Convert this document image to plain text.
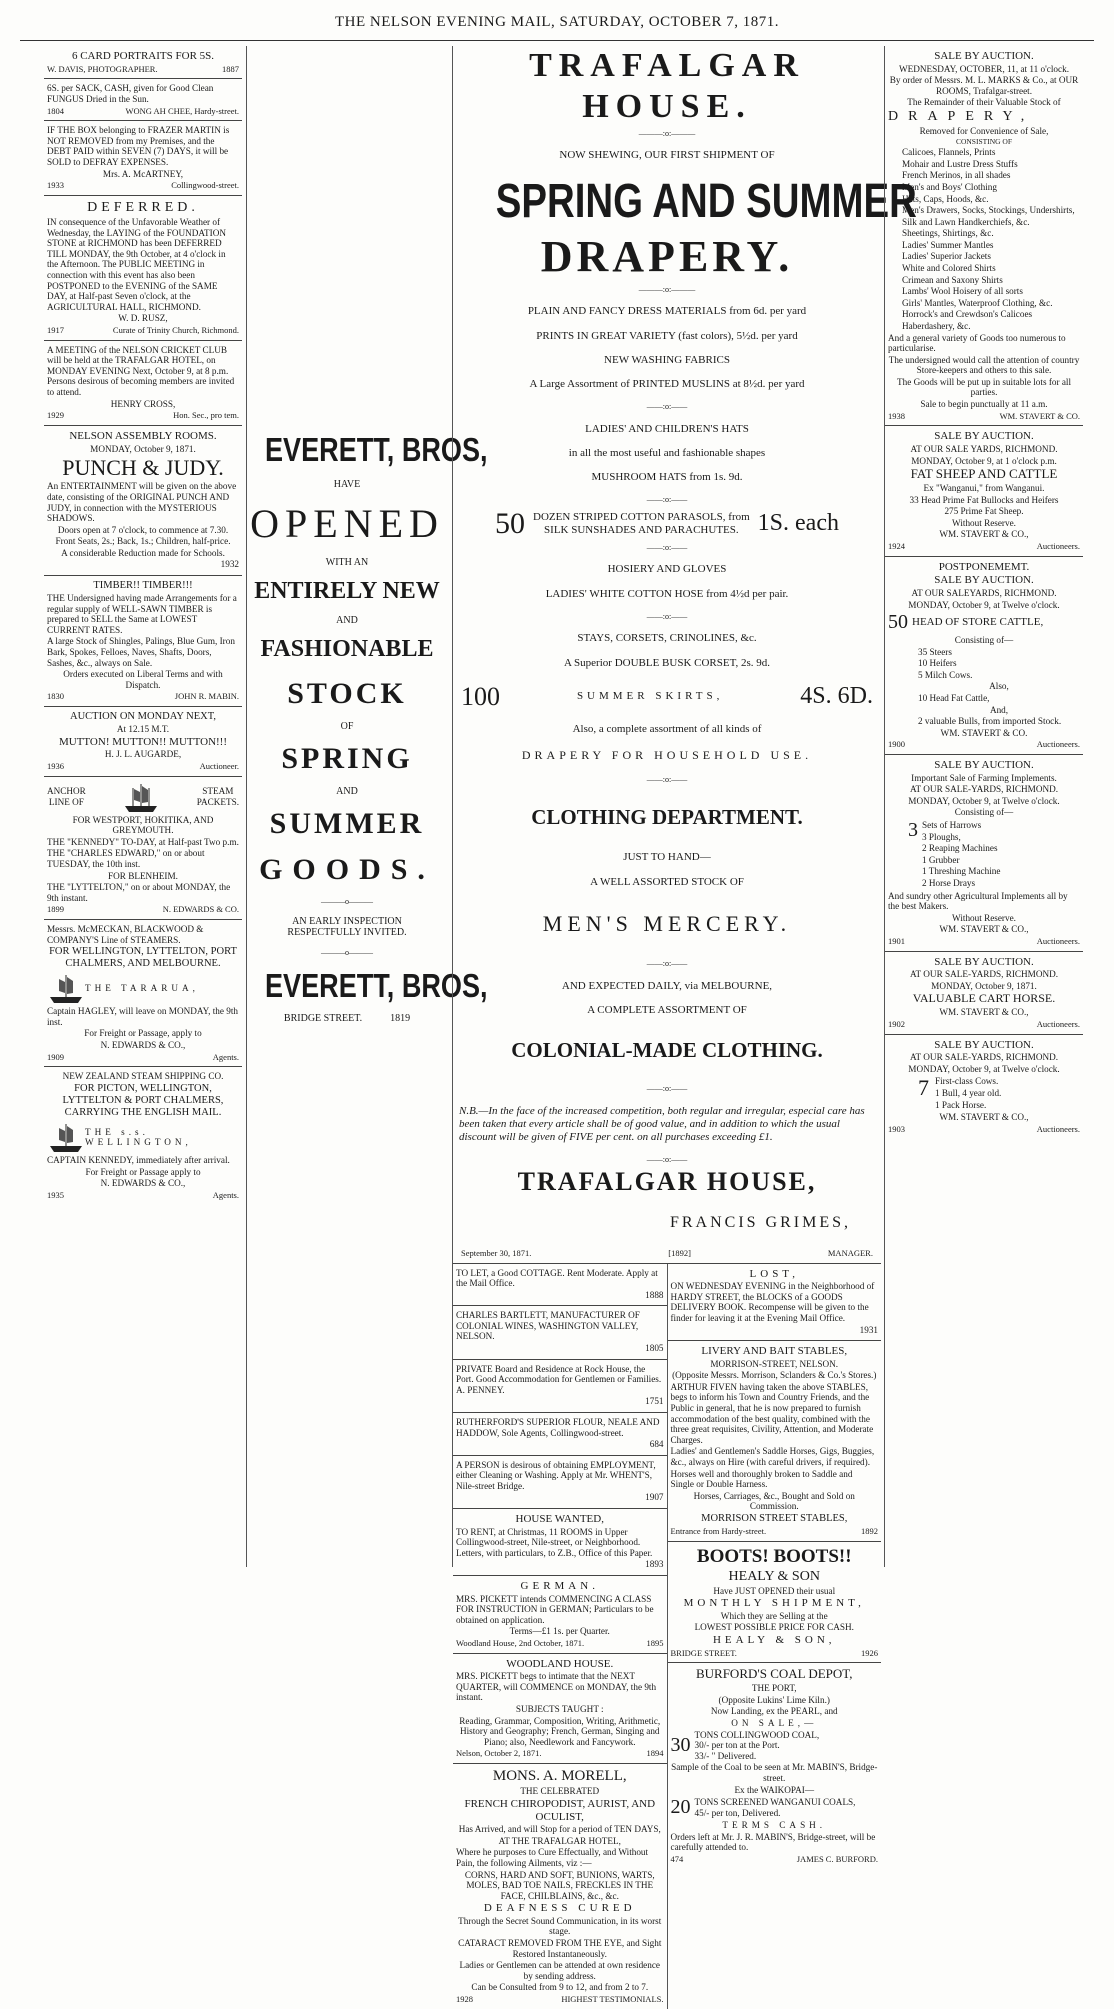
THE NELSON EVENING MAIL, SATURDAY, OCTOBER 7, 1871.

6 CARD PORTRAITS FOR 5S.

W. DAVIS, PHOTOGRAPHER.	1887

6S. per SACK, CASH, given for Good Clean FUNGUS Dried in the Sun.

1804	WONG AH CHEE, Hardy-street.

IF THE BOX belonging to FRAZER MARTIN is NOT REMOVED from my Premises, and the DEBT PAID within SEVEN (7) DAYS, it will be SOLD to DEFRAY EXPENSES.

Mrs. A. McARTNEY,

1933	Collingwood-street.

DEFERRED.

IN consequence of the Unfavorable Weather of Wednesday, the LAYING of the FOUNDATION STONE at RICHMOND has been DEFERRED TILL MONDAY, the 9th October, at 4 o'clock in the Afternoon. The PUBLIC MEETING in connection with this event has also been POSTPONED to the EVENING of the SAME DAY, at Half-past Seven o'clock, at the AGRICULTURAL HALL, RICHMOND.

W. D. RUSZ,

1917	Curate of Trinity Church, Richmond.

A MEETING of the NELSON CRICKET CLUB will be held at the TRAFALGAR HOTEL, on MONDAY EVENING Next, October 9, at 8 p.m. Persons desirous of becoming members are invited to attend.

HENRY CROSS,

1929	Hon. Sec., pro tem.

NELSON ASSEMBLY ROOMS.

MONDAY, October 9, 1871.

PUNCH & JUDY.

An ENTERTAINMENT will be given on the above date, consisting of the ORIGINAL PUNCH AND JUDY, in connection with the MYSTERIOUS SHADOWS.

Doors open at 7 o'clock, to commence at 7.30.

Front Seats, 2s.; Back, 1s.; Children, half-price.

A considerable Reduction made for Schools.

1932

TIMBER!! TIMBER!!!

THE Undersigned having made Arrangements for a regular supply of WELL-SAWN TIMBER is prepared to SELL the Same at LOWEST CURRENT RATES.

A large Stock of Shingles, Palings, Blue Gum, Iron Bark, Spokes, Felloes, Naves, Shafts, Doors, Sashes, &c., always on Sale.

Orders executed on Liberal Terms and with Dispatch.

1830	JOHN R. MABIN.

AUCTION ON MONDAY NEXT,

At 12.15 M.T.

MUTTON! MUTTON!! MUTTON!!!

H. J. L. AUGARDE,

1936	Auctioneer.

ANCHOR

LINE OF

STEAM

PACKETS.

FOR WESTPORT, HOKITIKA, AND GREYMOUTH.

THE "KENNEDY" TO-DAY, at Half-past Two p.m.

THE "CHARLES EDWARD," on or about TUESDAY, the 10th inst.

FOR BLENHEIM.

THE "LYTTELTON," on or about MONDAY, the 9th instant.

1899	N. EDWARDS & CO.

Messrs. McMECKAN, BLACKWOOD & COMPANY'S Line of STEAMERS.

FOR WELLINGTON, LYTTELTON, PORT CHALMERS, AND MELBOURNE.

THE TARARUA,

Captain HAGLEY, will leave on MONDAY, the 9th inst.

For Freight or Passage, apply to

N. EDWARDS & CO.,

1909	Agents.

NEW ZEALAND STEAM SHIPPING CO.

FOR PICTON, WELLINGTON, LYTTELTON & PORT CHALMERS, CARRYING THE ENGLISH MAIL.

THE s.s. WELLINGTON,

CAPTAIN KENNEDY, immediately after arrival.

For Freight or Passage apply to

N. EDWARDS & CO.,

1935	Agents.

EVERETT, BROS,

HAVE

OPENED

WITH AN

ENTIRELY NEW

AND

FASHIONABLE

STOCK

OF

SPRING

AND

SUMMER

GOODS.

———o———

AN EARLY INSPECTION RESPECTFULLY INVITED.

———o———

EVERETT, BROS,

BRIDGE STREET.	1819

TRAFALGAR HOUSE.

———:o:———

NOW SHEWING, OUR FIRST SHIPMENT OF

SPRING AND SUMMER

DRAPERY.

———:o:———

PLAIN AND FANCY DRESS MATERIALS from 6d. per yard

PRINTS IN GREAT VARIETY (fast colors), 5½d. per yard

NEW WASHING FABRICS

A Large Assortment of PRINTED MUSLINS at 8½d. per yard

——:o:——

LADIES' AND CHILDREN'S HATS

in all the most useful and fashionable shapes

MUSHROOM HATS from 1s. 9d.

——:o:——

50 DOZEN STRIPED COTTON PARASOLS, from
SILK SUNSHADES AND PARACHUTES. 1S. each

——:o:——

HOSIERY AND GLOVES

LADIES' WHITE COTTON HOSE from 4½d per pair.

——:o:——

STAYS, CORSETS, CRINOLINES, &c.

A Superior DOUBLE BUSK CORSET, 2s. 9d.

100	SUMMER SKIRTS,	4S. 6D.

Also, a complete assortment of all kinds of

DRAPERY FOR HOUSEHOLD USE.

——:o:——

CLOTHING DEPARTMENT.

JUST TO HAND—

A WELL ASSORTED STOCK OF

MEN'S MERCERY.

——:o:——

AND EXPECTED DAILY, via MELBOURNE,

A COMPLETE ASSORTMENT OF

COLONIAL-MADE CLOTHING.

——:o:——

N.B.—In the face of the increased competition, both regular and irregular, especial care has been taken that every article shall be of good value, and in addition to which the usual discount will be given of FIVE per cent. on all purchases exceeding £1.

——:o:——

TRAFALGAR HOUSE,

FRANCIS GRIMES,

September 30, 1871.	[1892]	MANAGER.

TO LET, a Good COTTAGE. Rent Moderate. Apply at the Mail Office.

1888

CHARLES BARTLETT, MANUFACTURER OF COLONIAL WINES, WASHINGTON VALLEY, NELSON.

1805

PRIVATE Board and Residence at Rock House, the Port. Good Accommodation for Gentlemen or Families. A. PENNEY.

1751

RUTHERFORD'S SUPERIOR FLOUR, NEALE AND HADDOW, Sole Agents, Collingwood-street.

684

A PERSON is desirous of obtaining EMPLOYMENT, either Cleaning or Washing. Apply at Mr. WHENT'S, Nile-street Bridge.

1907

HOUSE WANTED,

TO RENT, at Christmas, 11 ROOMS in Upper Collingwood-street, Nile-street, or Neighborhood. Letters, with particulars, to Z.B., Office of this Paper.

1893

GERMAN.

MRS. PICKETT intends COMMENCING A CLASS FOR INSTRUCTION in GERMAN; Particulars to be obtained on application.

Terms—£1 1s. per Quarter.

Woodland House, 2nd October, 1871.	1895

WOODLAND HOUSE.

MRS. PICKETT begs to intimate that the NEXT QUARTER, will COMMENCE on MONDAY, the 9th instant.

SUBJECTS TAUGHT :

Reading, Grammar, Composition, Writing, Arithmetic, History and Geography; French, German, Singing and Piano; also, Needlework and Fancywork.

Nelson, October 2, 1871.	1894

MONS. A. MORELL,

THE CELEBRATED

FRENCH CHIROPODIST, AURIST, AND OCULIST,

Has Arrived, and will Stop for a period of TEN DAYS,

AT THE TRAFALGAR HOTEL,

Where he purposes to Cure Effectually, and Without Pain, the following Ailments, viz :—

CORNS, HARD AND SOFT, BUNIONS, WARTS, MOLES, BAD TOE NAILS, FRECKLES IN THE FACE, CHILBLAINS, &c., &c.

DEAFNESS CURED

Through the Secret Sound Communication, in its worst stage.

CATARACT REMOVED FROM THE EYE, and Sight Restored Instantaneously.

Ladies or Gentlemen can be attended at own residence by sending address.

Can be Consulted from 9 to 12, and from 2 to 7.

1928	HIGHEST TESTIMONIALS.

LOST,

ON WEDNESDAY EVENING in the Neighborhood of HARDY STREET, the BLOCKS of a GOODS DELIVERY BOOK. Recompense will be given to the finder for leaving it at the Evening Mail Office.

1931

LIVERY AND BAIT STABLES,

MORRISON-STREET, NELSON.

(Opposite Messrs. Morrison, Sclanders & Co.'s Stores.)

ARTHUR FIVEN having taken the above STABLES, begs to inform his Town and Country Friends, and the Public in general, that he is now prepared to furnish accommodation of the best quality, combined with the three great requisites, Civility, Attention, and Moderate Charges.

Ladies' and Gentlemen's Saddle Horses, Gigs, Buggies, &c., always on Hire (with careful drivers, if required).

Horses well and thoroughly broken to Saddle and Single or Double Harness.

Horses, Carriages, &c., Bought and Sold on Commission.

MORRISON STREET STABLES,

Entrance from Hardy-street.	1892

BOOTS! BOOTS!!

HEALY & SON

Have JUST OPENED their usual

MONTHLY SHIPMENT,

Which they are Selling at the

LOWEST POSSIBLE PRICE FOR CASH.

HEALY & SON,

BRIDGE STREET.	1926

BURFORD'S COAL DEPOT,

THE PORT,

(Opposite Lukins' Lime Kiln.)

Now Landing, ex the PEARL, and

ON SALE,—

30 TONS COLLINGWOOD COAL,
30/- per ton at the Port.
33/- " Delivered.

Sample of the Coal to be seen at Mr. MABIN'S, Bridge-street.

Ex the WAIKOPAI—

20 TONS SCREENED WANGANUI COALS,
45/- per ton, Delivered.

TERMS CASH.

Orders left at Mr. J. R. MABIN'S, Bridge-street, will be carefully attended to.

474	JAMES C. BURFORD.

SALE BY AUCTION.

WEDNESDAY, OCTOBER, 11, at 11 o'clock.

By order of Messrs. M. L. MARKS & Co., at OUR ROOMS, Trafalgar-street.

The Remainder of their Valuable Stock of

DRAPERY,

Removed for Convenience of Sale,

CONSISTING OF

Calicoes, Flannels, Prints

Mohair and Lustre Dress Stuffs

French Merinos, in all shades

Men's and Boys' Clothing

Hats, Caps, Hoods, &c.

Men's Drawers, Socks, Stockings, Undershirts,

Silk and Lawn Handkerchiefs, &c.

Sheetings, Shirtings, &c.

Ladies' Summer Mantles

Ladies' Superior Jackets

White and Colored Shirts

Crimean and Saxony Shirts

Lambs' Wool Hoisery of all sorts

Girls' Mantles, Waterproof Clothing, &c.

Horrock's and Crewdson's Calicoes

Haberdashery, &c.

And a general variety of Goods too numerous to particularise.

The undersigned would call the attention of country Store-keepers and others to this sale.

The Goods will be put up in suitable lots for all parties.

Sale to begin punctually at 11 a.m.

1938	WM. STAVERT & CO.

SALE BY AUCTION.

AT OUR SALE YARDS, RICHMOND.

MONDAY, October 9, at 1 o'clock p.m.

FAT SHEEP AND CATTLE

Ex "Wanganui," from Wanganui.

33 Head Prime Fat Bullocks and Heifers

275 Prime Fat Sheep.

Without Reserve.

WM. STAVERT & CO.,

1924	Auctioneers.

POSTPONEMEMT.

SALE BY AUCTION.

AT OUR SALEYARDS, RICHMOND.

MONDAY, October 9, at Twelve o'clock.

50 HEAD OF STORE CATTLE,

Consisting of—

35 Steers

10 Heifers

5 Milch Cows.

Also,

10 Head Fat Cattle,

And,

2 valuable Bulls, from imported Stock.

WM. STAVERT & CO.

1900	Auctioneers.

SALE BY AUCTION.

Important Sale of Farming Implements.

AT OUR SALE-YARDS, RICHMOND.

MONDAY, October 9, at Twelve o'clock.

Consisting of—

3 Sets of Harrows

3 Ploughs,

2 Reaping Machines

1 Grubber

1 Threshing Machine

2 Horse Drays

And sundry other Agricultural Implements all by the best Makers.

Without Reserve.

WM. STAVERT & CO.,

1901	Auctioneers.

SALE BY AUCTION.

AT OUR SALE-YARDS, RICHMOND.

MONDAY, October 9, 1871.

VALUABLE CART HORSE.

WM. STAVERT & CO.,

1902	Auctioneers.

SALE BY AUCTION.

AT OUR SALE-YARDS, RICHMOND.

MONDAY, October 9, at Twelve o'clock.

7 First-class Cows.

1 Bull, 4 year old.

1 Pack Horse.

WM. STAVERT & CO.,

1903	Auctioneers.
